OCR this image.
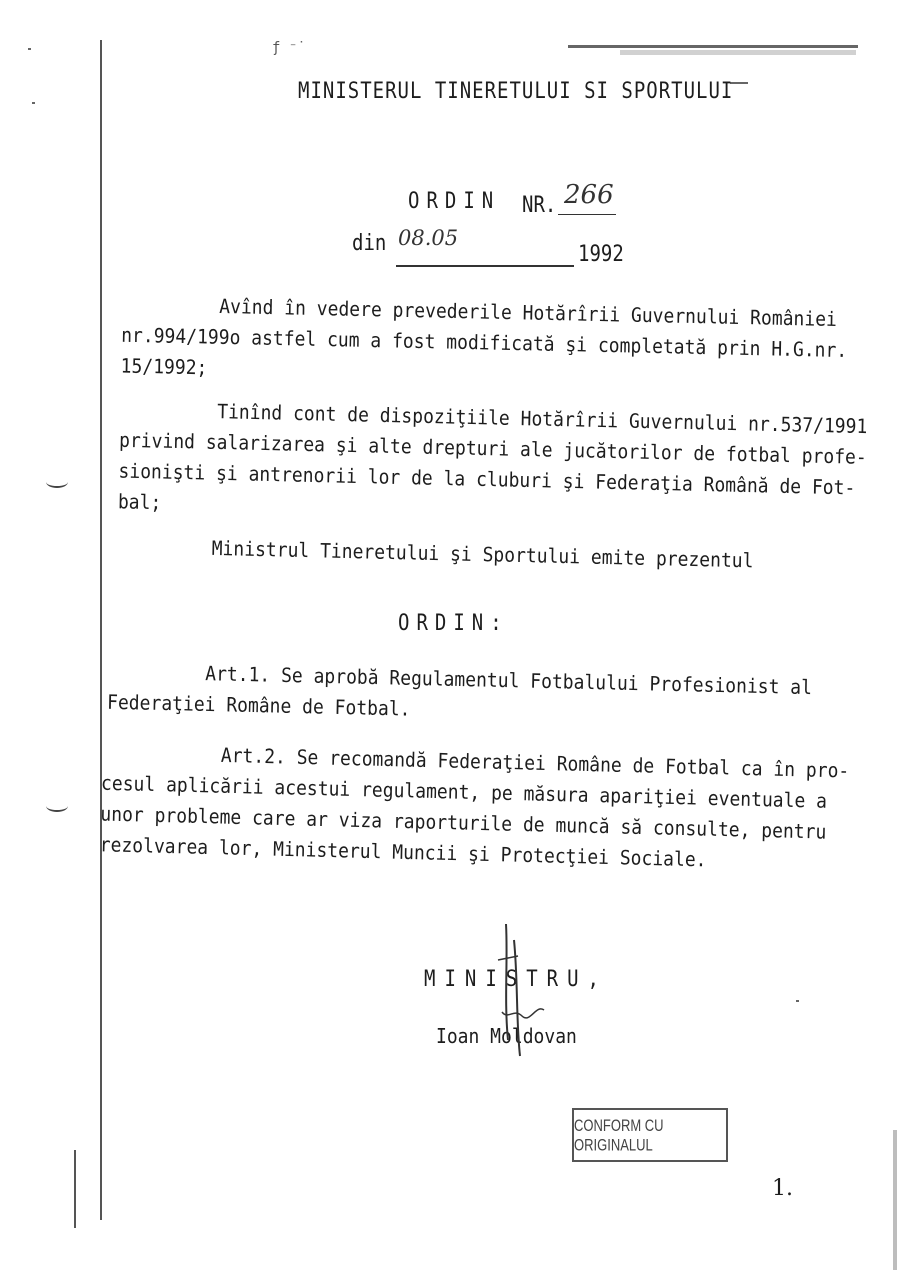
ƒ ⁻˙
MINISTERUL TINERETULUI SI SPORTULUI
ORDIN NR. 266
din 08.05
1992
Avînd în vedere prevederile Hotărîrii Guvernului României
nr.994/199o astfel cum a fost modificată şi completată prin H.G.nr.
15/1992;
Tinînd cont de dispoziţiile Hotărîrii Guvernului nr.537/1991
privind salarizarea şi alte drepturi ale jucătorilor de fotbal profe-
sionişti şi antrenorii lor de la cluburi şi Federaţia Română de Fot-
bal;
Ministrul Tineretului şi Sportului emite prezentul
ORDIN:
Art.1. Se aprobă Regulamentul Fotbalului Profesionist al
Federaţiei Române de Fotbal.
Art.2. Se recomandă Federaţiei Române de Fotbal ca în pro-
cesul aplicării acestui regulament, pe măsura apariţiei eventuale a
unor probleme care ar viza raporturile de muncă să consulte, pentru
rezolvarea lor, Ministerul Muncii şi Protecţiei Sociale.
MINISTRU,
Ioan Moldovan
CONFORM CU ORIGINALUL
1.
